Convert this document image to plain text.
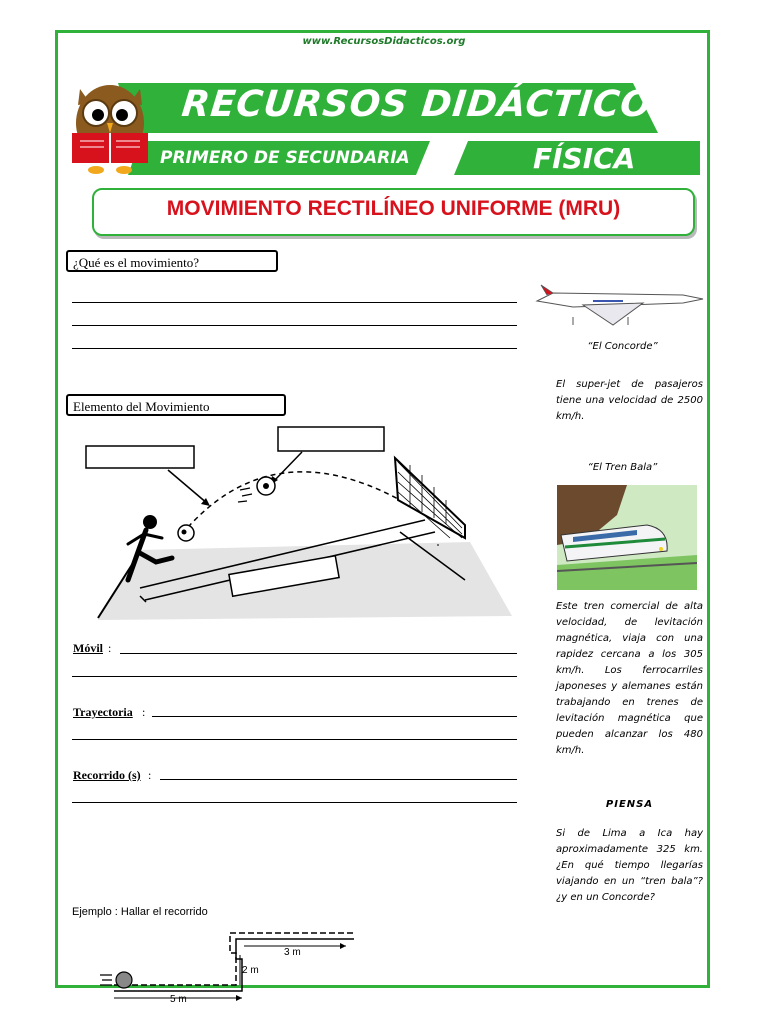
www.RecursosDidacticos.org
RECURSOS DIDÁCTICOS
PRIMERO DE SECUNDARIA	FÍSICA
MOVIMIENTO RECTILÍNEO UNIFORME (MRU)
¿Qué es el movimiento?
Elemento del Movimiento
Móvil :
Trayectoria :
Recorrido (s) :
Ejemplo : Hallar el recorrido
3 m
2 m
5 m
“El Concorde”
El super-jet de pasajeros tiene una velocidad de 2500 km/h.
“El Tren Bala”
Este tren comercial de alta velocidad, de levitación magnética, viaja con una rapidez cercana a los 305 km/h. Los ferrocarriles japoneses y alemanes están trabajando en trenes de levitación magnética que pueden alcanzar los 480 km/h.
PIENSA
Si de Lima a Ica hay aproximadamente 325 km. ¿En qué tiempo llegarías viajando en un “tren bala”? ¿y en un Concorde?
